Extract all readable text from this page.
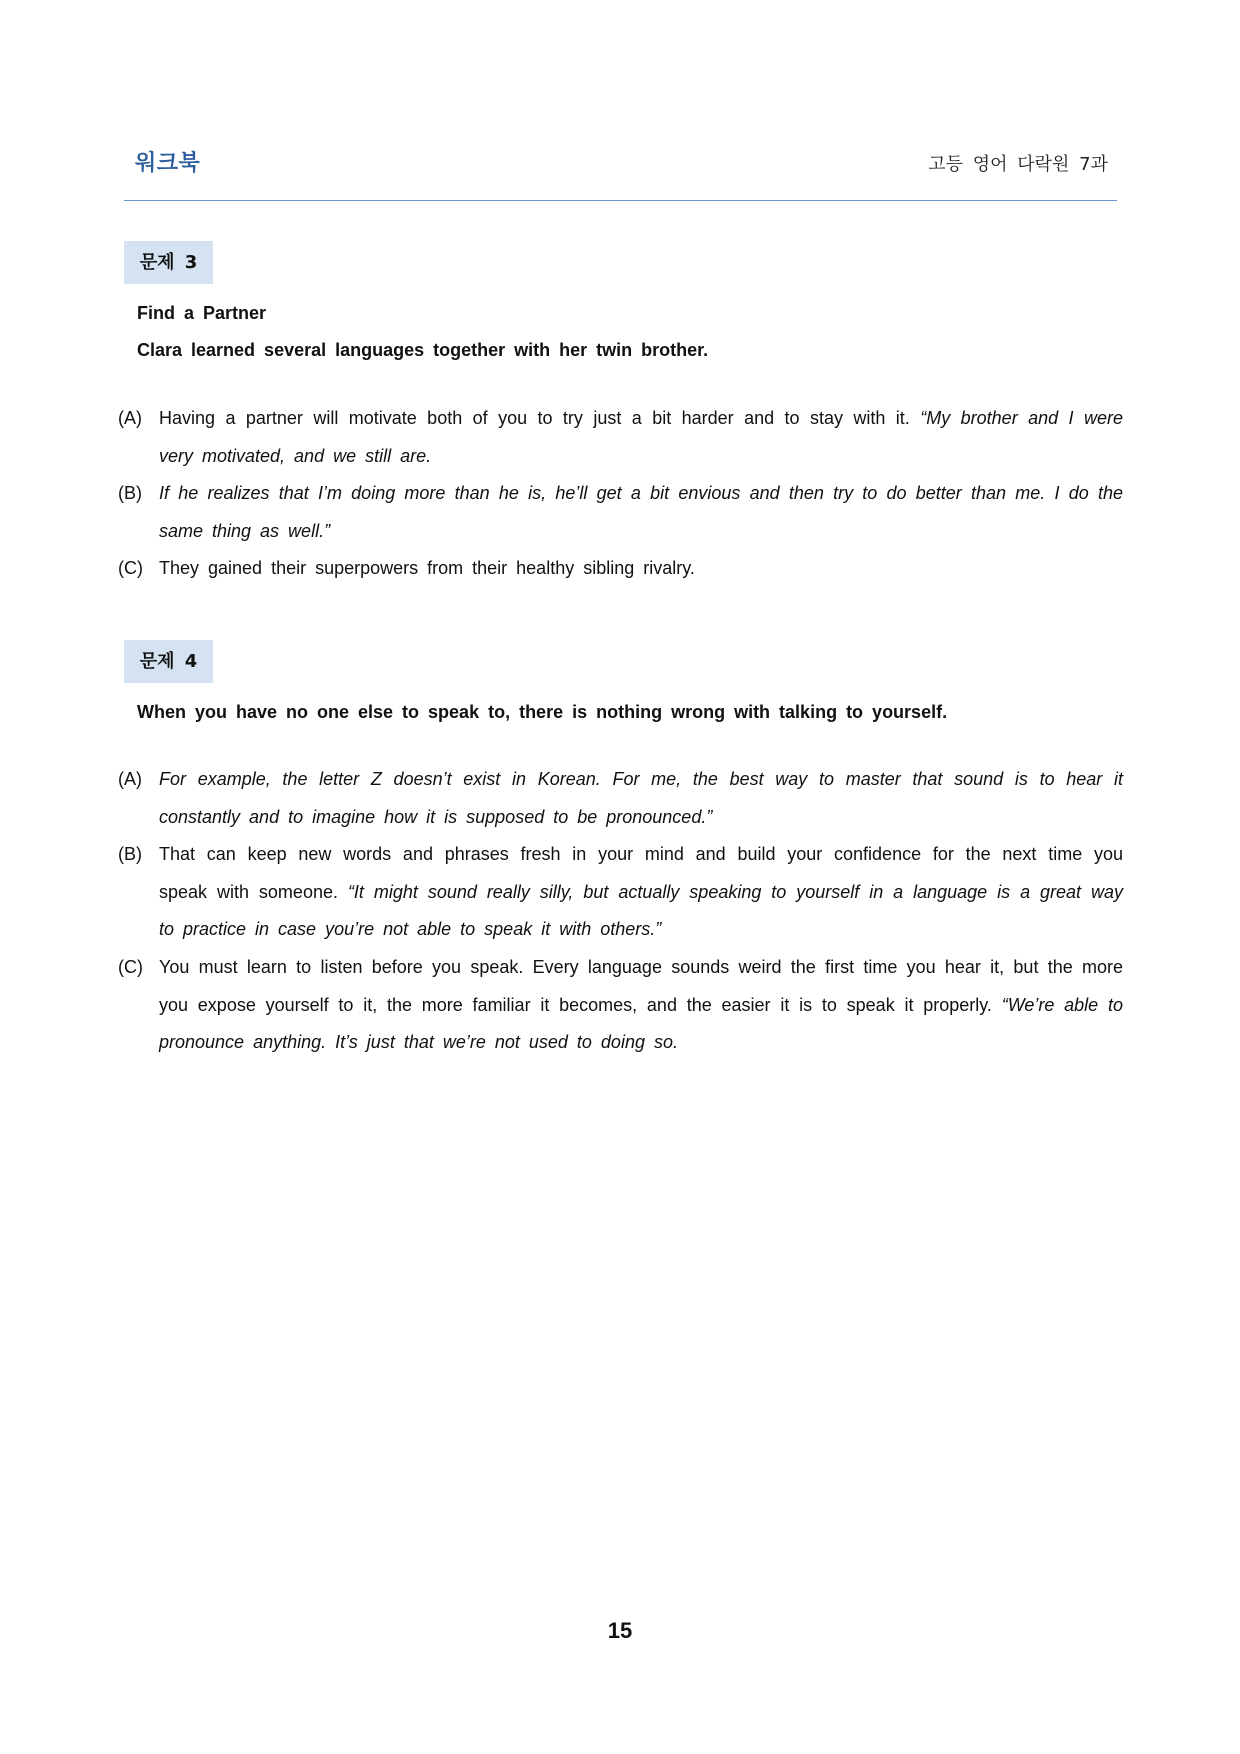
워크북	고등 영어 다락원 7과
문제 3
Find a Partner
Clara learned several languages together with her twin brother.
(A) Having a partner will motivate both of you to try just a bit harder and to stay with it. “My brother and I were very motivated, and we still are.
(B) If he realizes that I’m doing more than he is, he’ll get a bit envious and then try to do better than me. I do the same thing as well.”
(C) They gained their superpowers from their healthy sibling rivalry.
문제 4
When you have no one else to speak to, there is nothing wrong with talking to yourself.
(A) For example, the letter Z doesn’t exist in Korean. For me, the best way to master that sound is to hear it constantly and to imagine how it is supposed to be pronounced.”
(B) That can keep new words and phrases fresh in your mind and build your confidence for the next time you speak with someone. “It might sound really silly, but actually speaking to yourself in a language is a great way to practice in case you’re not able to speak it with others.”
(C) You must learn to listen before you speak. Every language sounds weird the first time you hear it, but the more you expose yourself to it, the more familiar it becomes, and the easier it is to speak it properly. “We’re able to pronounce anything. It’s just that we’re not used to doing so.
15
